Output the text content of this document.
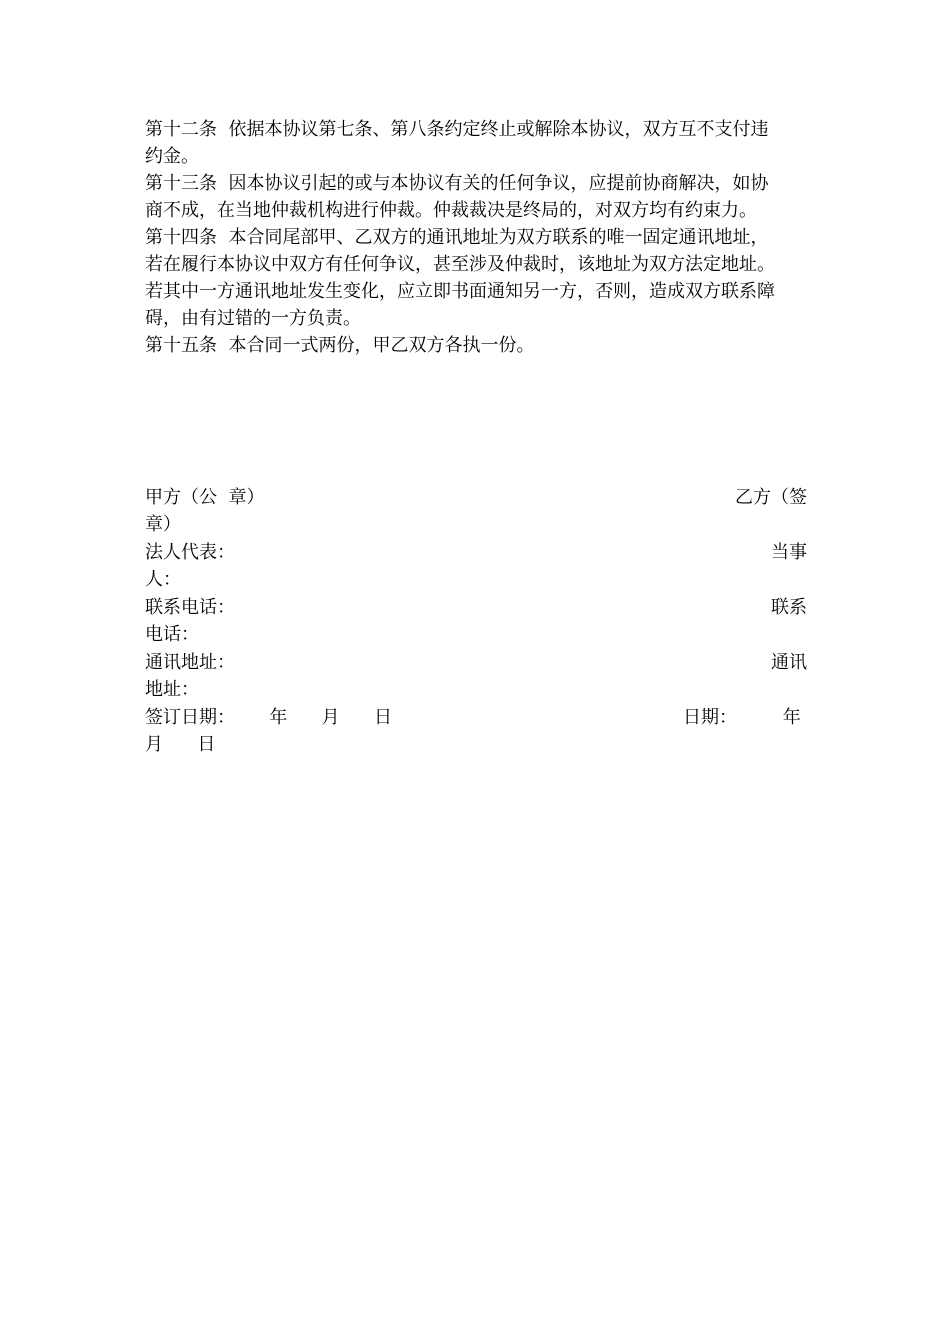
第十二条  依据本协议第七条、第八条约定终止或解除本协议，双方互不支付违
约金。
第十三条  因本协议引起的或与本协议有关的任何争议，应提前协商解决，如协
商不成，在当地仲裁机构进行仲裁。仲裁裁决是终局的，对双方均有约束力。
第十四条  本合同尾部甲、乙双方的通讯地址为双方联系的唯一固定通讯地址，
若在履行本协议中双方有任何争议，甚至涉及仲裁时，该地址为双方法定地址。
若其中一方通讯地址发生变化，应立即书面通知另一方，否则，造成双方联系障
碍，由有过错的一方负责。
第十五条  本合同一式两份，甲乙双方各执一份。
甲方（公  章）	乙方（签
章）
法人代表：	当事
人：
联系电话：	联系
电话：
通讯地址：	通讯
地址：
签订日期：      年      月      日	日期：        年
月      日
